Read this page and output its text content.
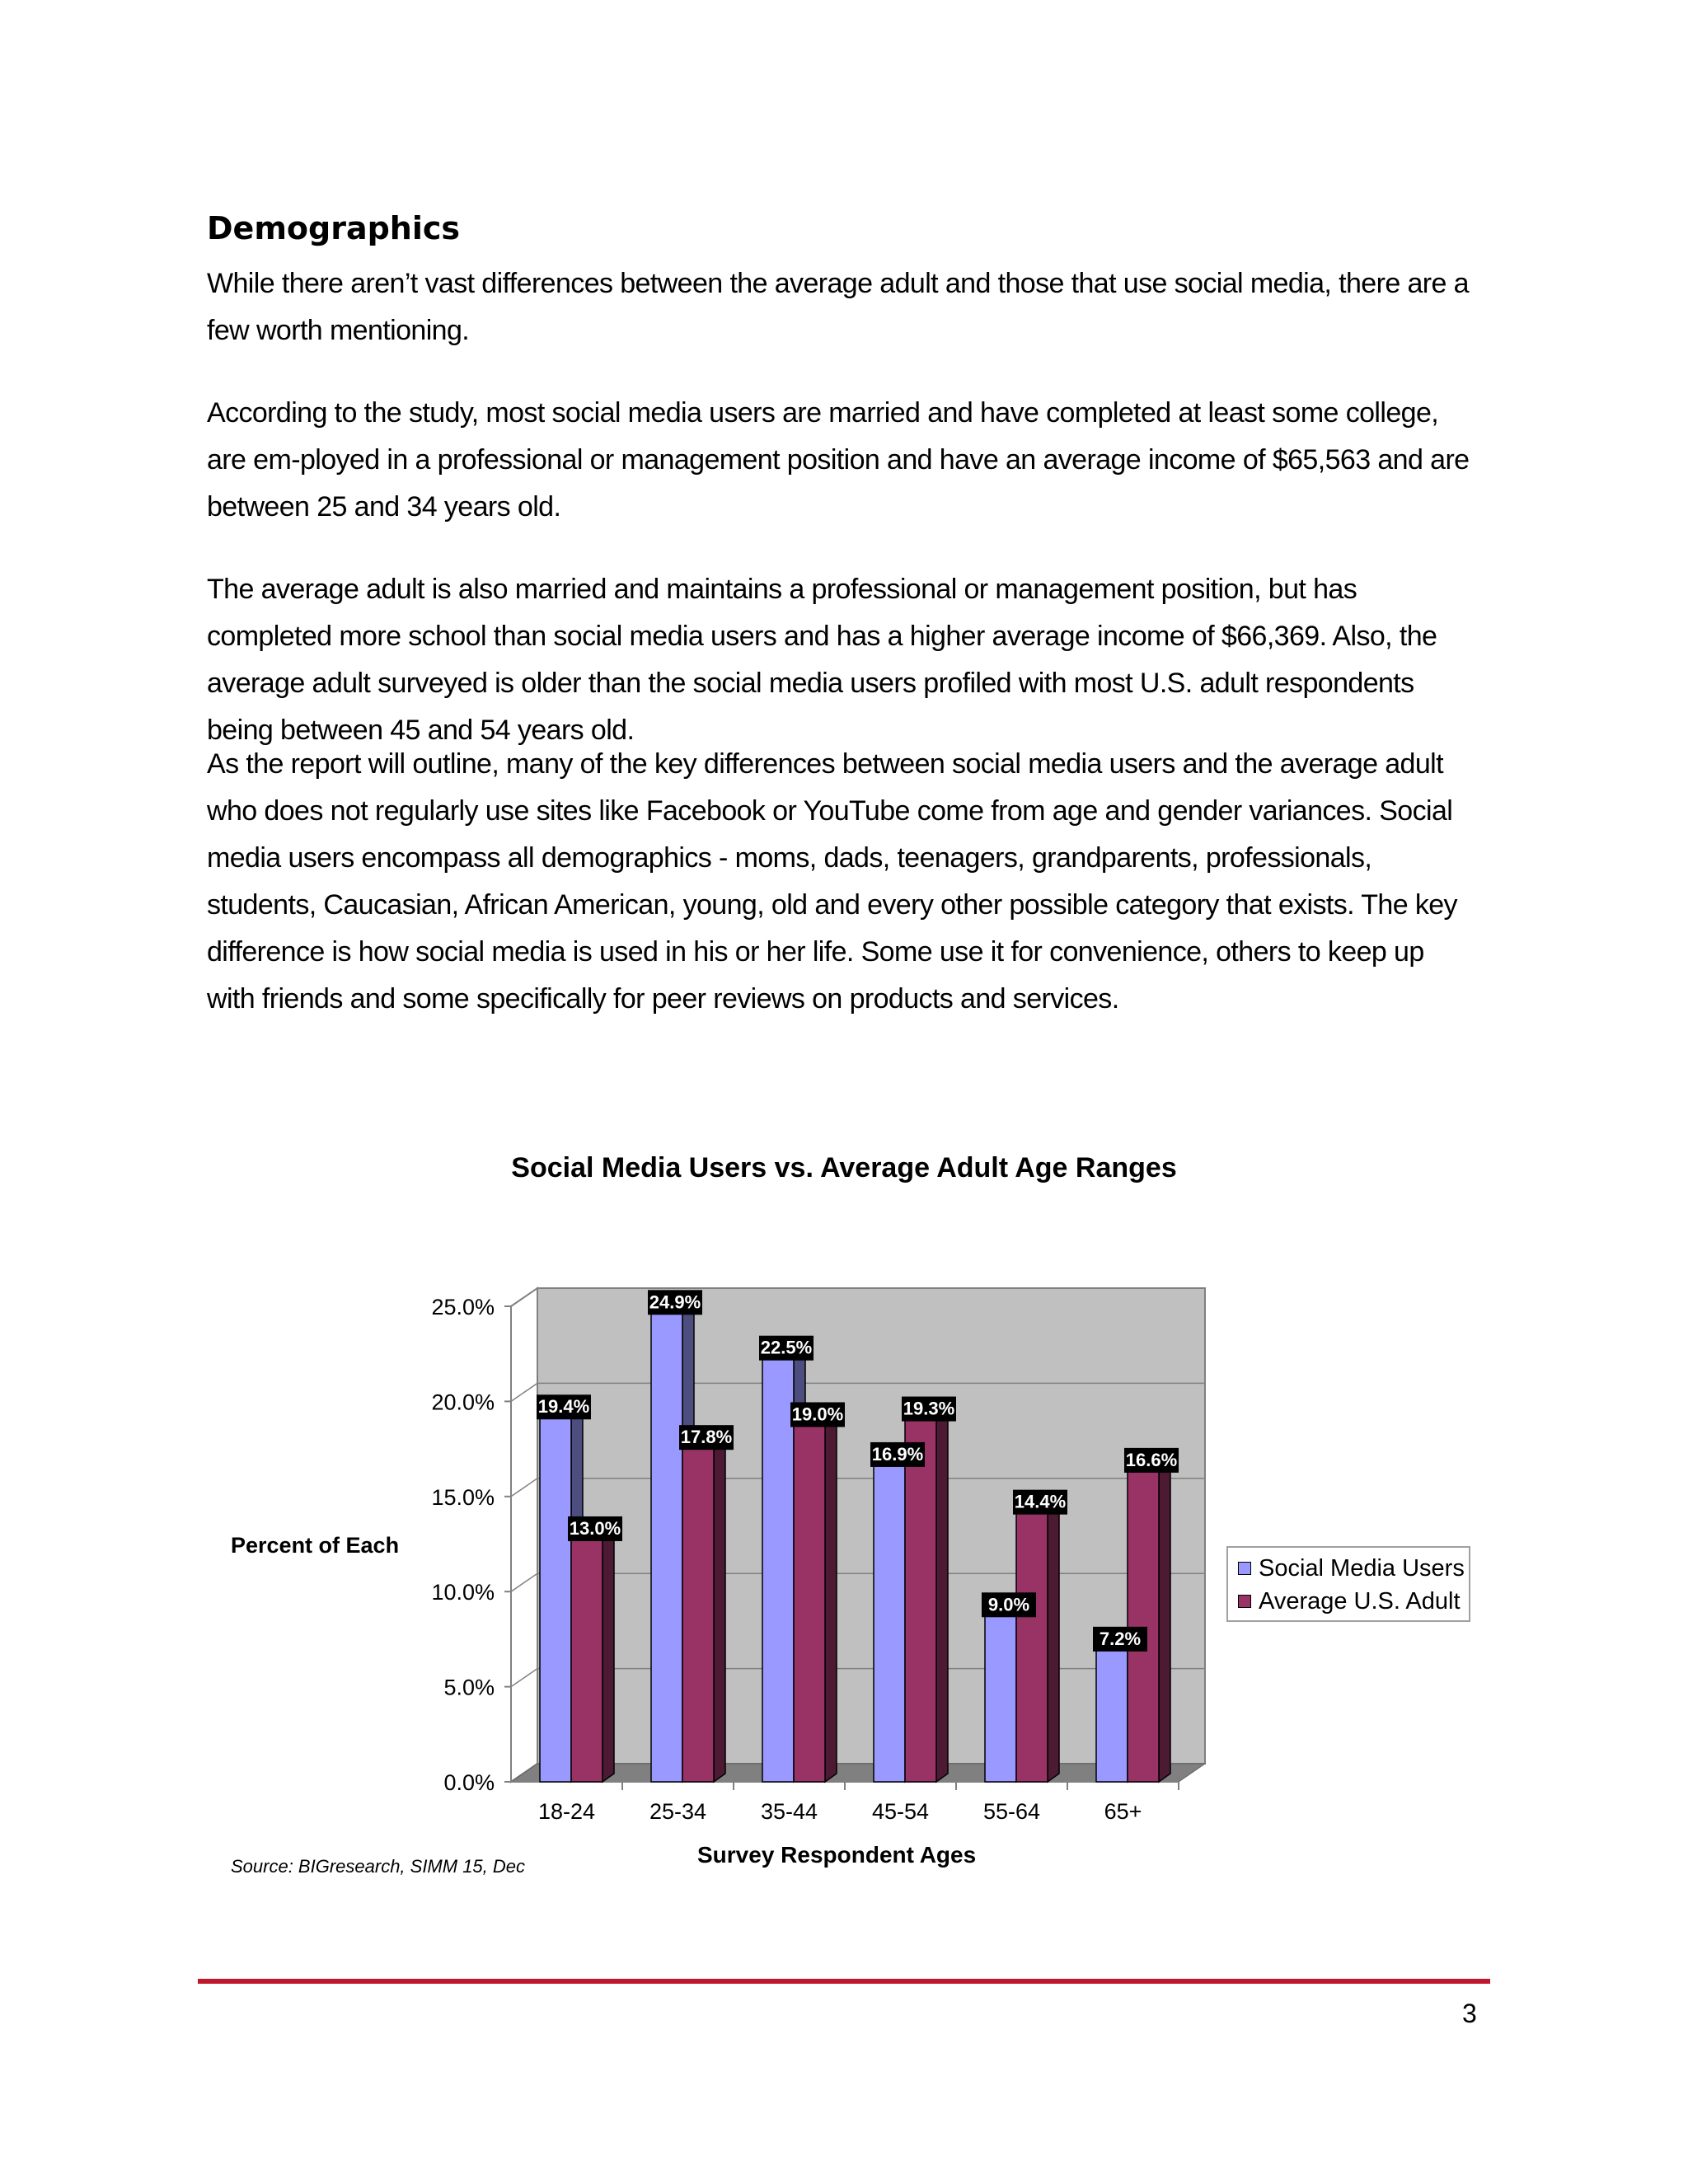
Demographics

While there aren’t vast differences between the average adult and those that use social media, there are a few worth mentioning.

According to the study, most social media users are married and have completed at least some college, are em-ployed in a professional or management position and have an average income of $65,563 and are between 25 and 34 years old.

The average adult is also married and maintains a professional or management position, but has completed more school than social media users and has a higher average income of $66,369. Also, the average adult surveyed is older than the social media users profiled with most U.S. adult respondents being between 45 and 54 years old.

As the report will outline, many of the key differences between social media users and the average adult who does not regularly use sites like Facebook or YouTube come from age and gender variances. Social media users encompass all demographics - moms, dads, teenagers, grandparents, professionals, students, Caucasian, African American, young, old and every other possible category that exists. The key difference is how social media is used in his or her life. Some use it for convenience, others to keep up with friends and some specifically for peer reviews on products and services.

Social Media Users vs. Average Adult Age Ranges
19.4%
13.0%
24.9%
17.8%
22.5%
19.0%
16.9%
19.3%
9.0%
14.4%
7.2%
16.6%
0.0%
5.0%
10.0%
15.0%
20.0%
25.0%
18-24 25-34 35-44 45-54 55-64	65+

Percent of Each

Survey Respondent Ages

Source: BIGresearch, SIMM 15, Dec

Social Media Users
Average U.S. Adult

3
